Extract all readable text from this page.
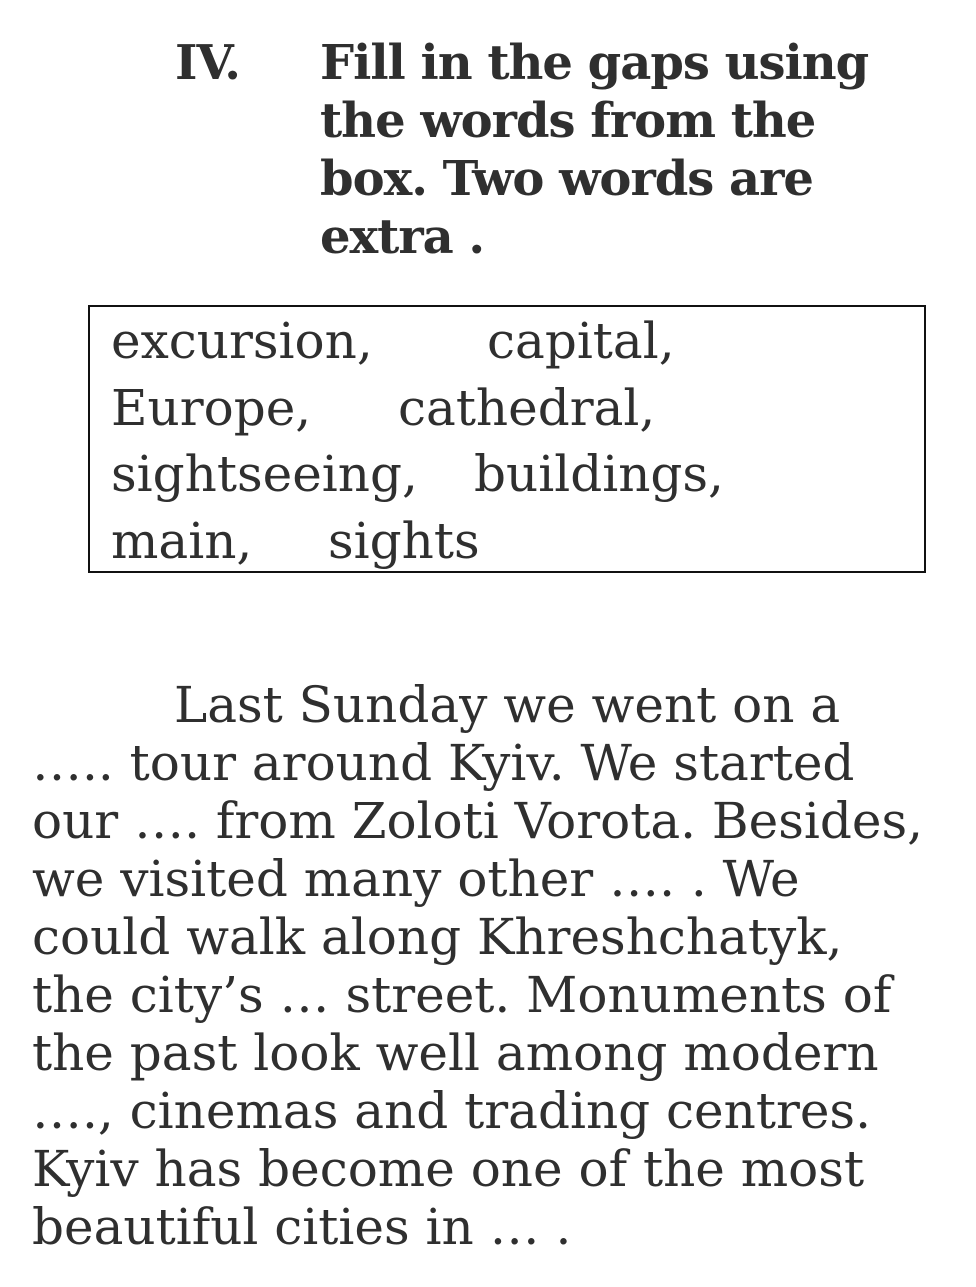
IV. Fill in the gaps using
the words from the
box. Two words are
extra .
excursion, capital,
Europe, cathedral,
sightseeing, buildings,
main, sights
Last Sunday we went on a
….. tour around Kyiv. We started
our …. from Zoloti Vorota. Besides,
we visited many other …. . We
could walk along Khreshchatyk,
the city’s … street. Monuments of
the past look well among modern
…., cinemas and trading centres.
Kyiv has become one of the most
beautiful cities in … .
